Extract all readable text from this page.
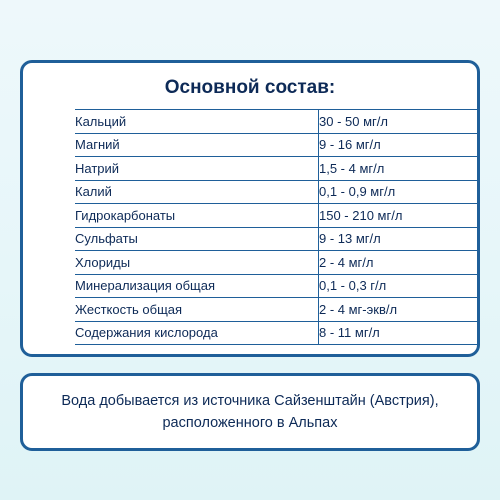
Основной состав:
Кальций	30 - 50 мг/л
Магний	9 - 16 мг/л
Натрий	1,5 - 4 мг/л
Калий	0,1 - 0,9 мг/л
Гидрокарбонаты	150 - 210 мг/л
Сульфаты	9 - 13 мг/л
Хлориды	2 - 4 мг/л
Минерализация общая	0,1 - 0,3 г/л
Жесткость общая	2 - 4 мг-экв/л
Содержания кислорода	8 - 11 мг/л

Вода добывается из источника Сайзенштайн (Австрия),
расположенного в Альпах
